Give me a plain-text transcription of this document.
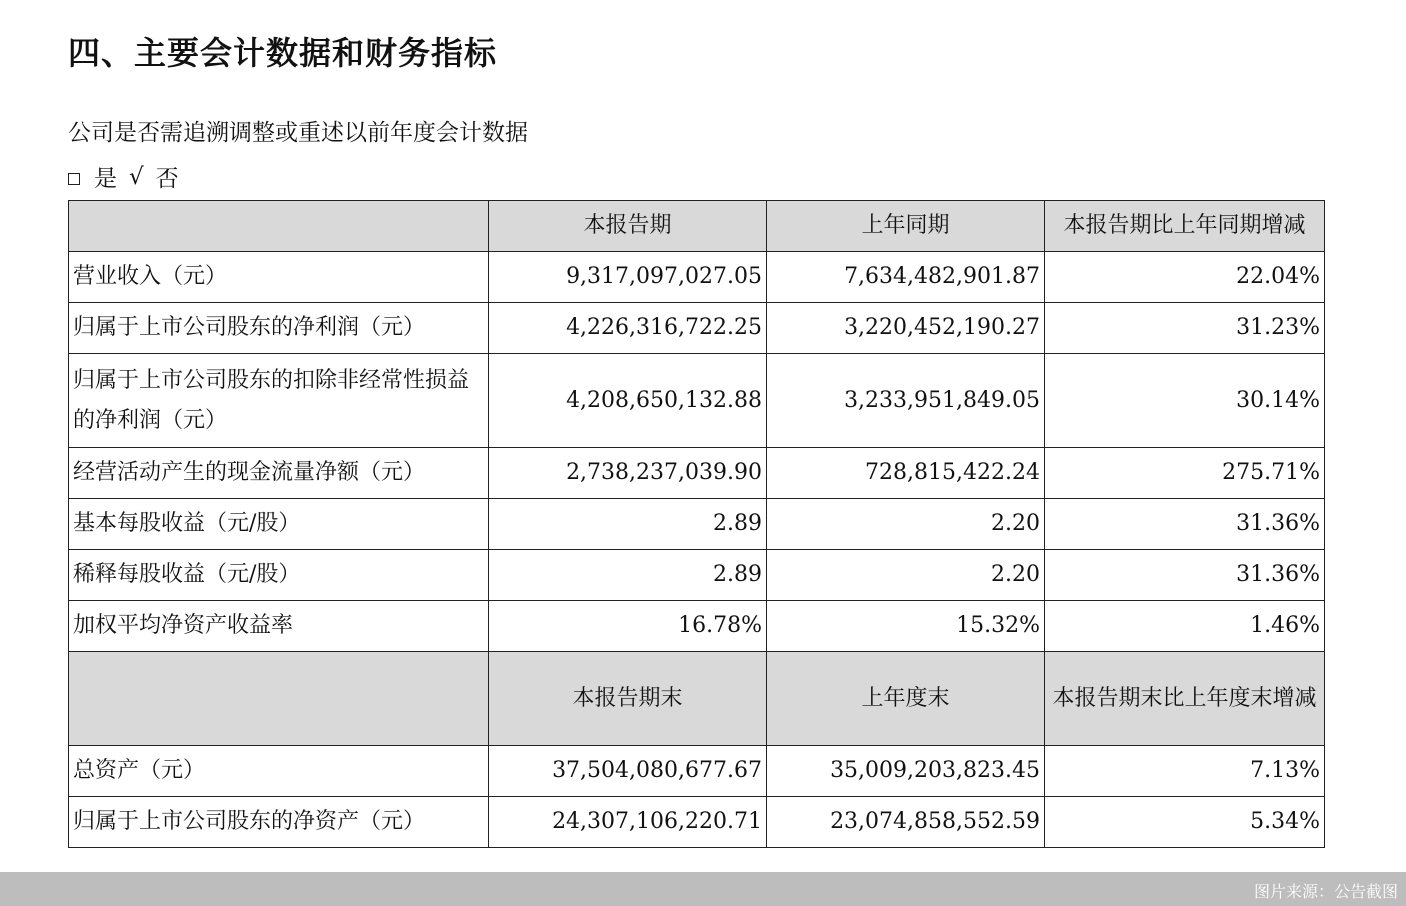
四、主要会计数据和财务指标
公司是否需追溯调整或重述以前年度会计数据
是 √ 否
	本报告期	上年同期	本报告期比上年同期增减
营业收入（元）	9,317,097,027.05	7,634,482,901.87	22.04%
归属于上市公司股东的净利润（元）	4,226,316,722.25	3,220,452,190.27	31.23%
归属于上市公司股东的扣除非经常性损益的净利润（元）	4,208,650,132.88	3,233,951,849.05	30.14%
经营活动产生的现金流量净额（元）	2,738,237,039.90	728,815,422.24	275.71%
基本每股收益（元/股）	2.89	2.20	31.36%
稀释每股收益（元/股）	2.89	2.20	31.36%
加权平均净资产收益率	16.78%	15.32%	1.46%
	本报告期末	上年度末	本报告期末比上年度末增减
总资产（元）	37,504,080,677.67	35,009,203,823.45	7.13%
归属于上市公司股东的净资产（元）	24,307,106,220.71	23,074,858,552.59	5.34%
图片来源：公告截图
